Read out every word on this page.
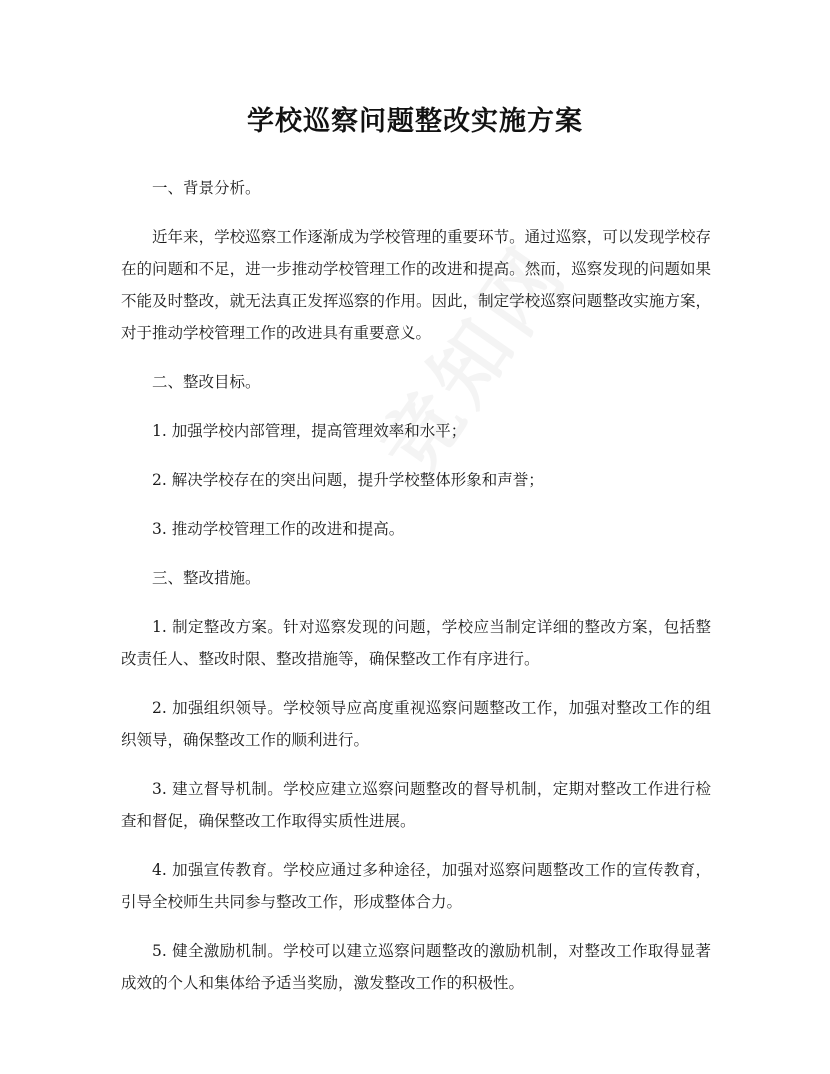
学校巡察问题整改实施方案

一、背景分析。

近年来，学校巡察工作逐渐成为学校管理的重要环节。通过巡察，可以发现学校存在的问题和不足，进一步推动学校管理工作的改进和提高。然而，巡察发现的问题如果不能及时整改，就无法真正发挥巡察的作用。因此，制定学校巡察问题整改实施方案，对于推动学校管理工作的改进具有重要意义。

二、整改目标。

1. 加强学校内部管理，提高管理效率和水平；

2. 解决学校存在的突出问题，提升学校整体形象和声誉；

3. 推动学校管理工作的改进和提高。

三、整改措施。

1. 制定整改方案。针对巡察发现的问题，学校应当制定详细的整改方案，包括整改责任人、整改时限、整改措施等，确保整改工作有序进行。

2. 加强组织领导。学校领导应高度重视巡察问题整改工作，加强对整改工作的组织领导，确保整改工作的顺利进行。

3. 建立督导机制。学校应建立巡察问题整改的督导机制，定期对整改工作进行检查和督促，确保整改工作取得实质性进展。

4. 加强宣传教育。学校应通过多种途径，加强对巡察问题整改工作的宣传教育，引导全校师生共同参与整改工作，形成整体合力。

5. 健全激励机制。学校可以建立巡察问题整改的激励机制，对整改工作取得显著成效的个人和集体给予适当奖励，激发整改工作的积极性。
